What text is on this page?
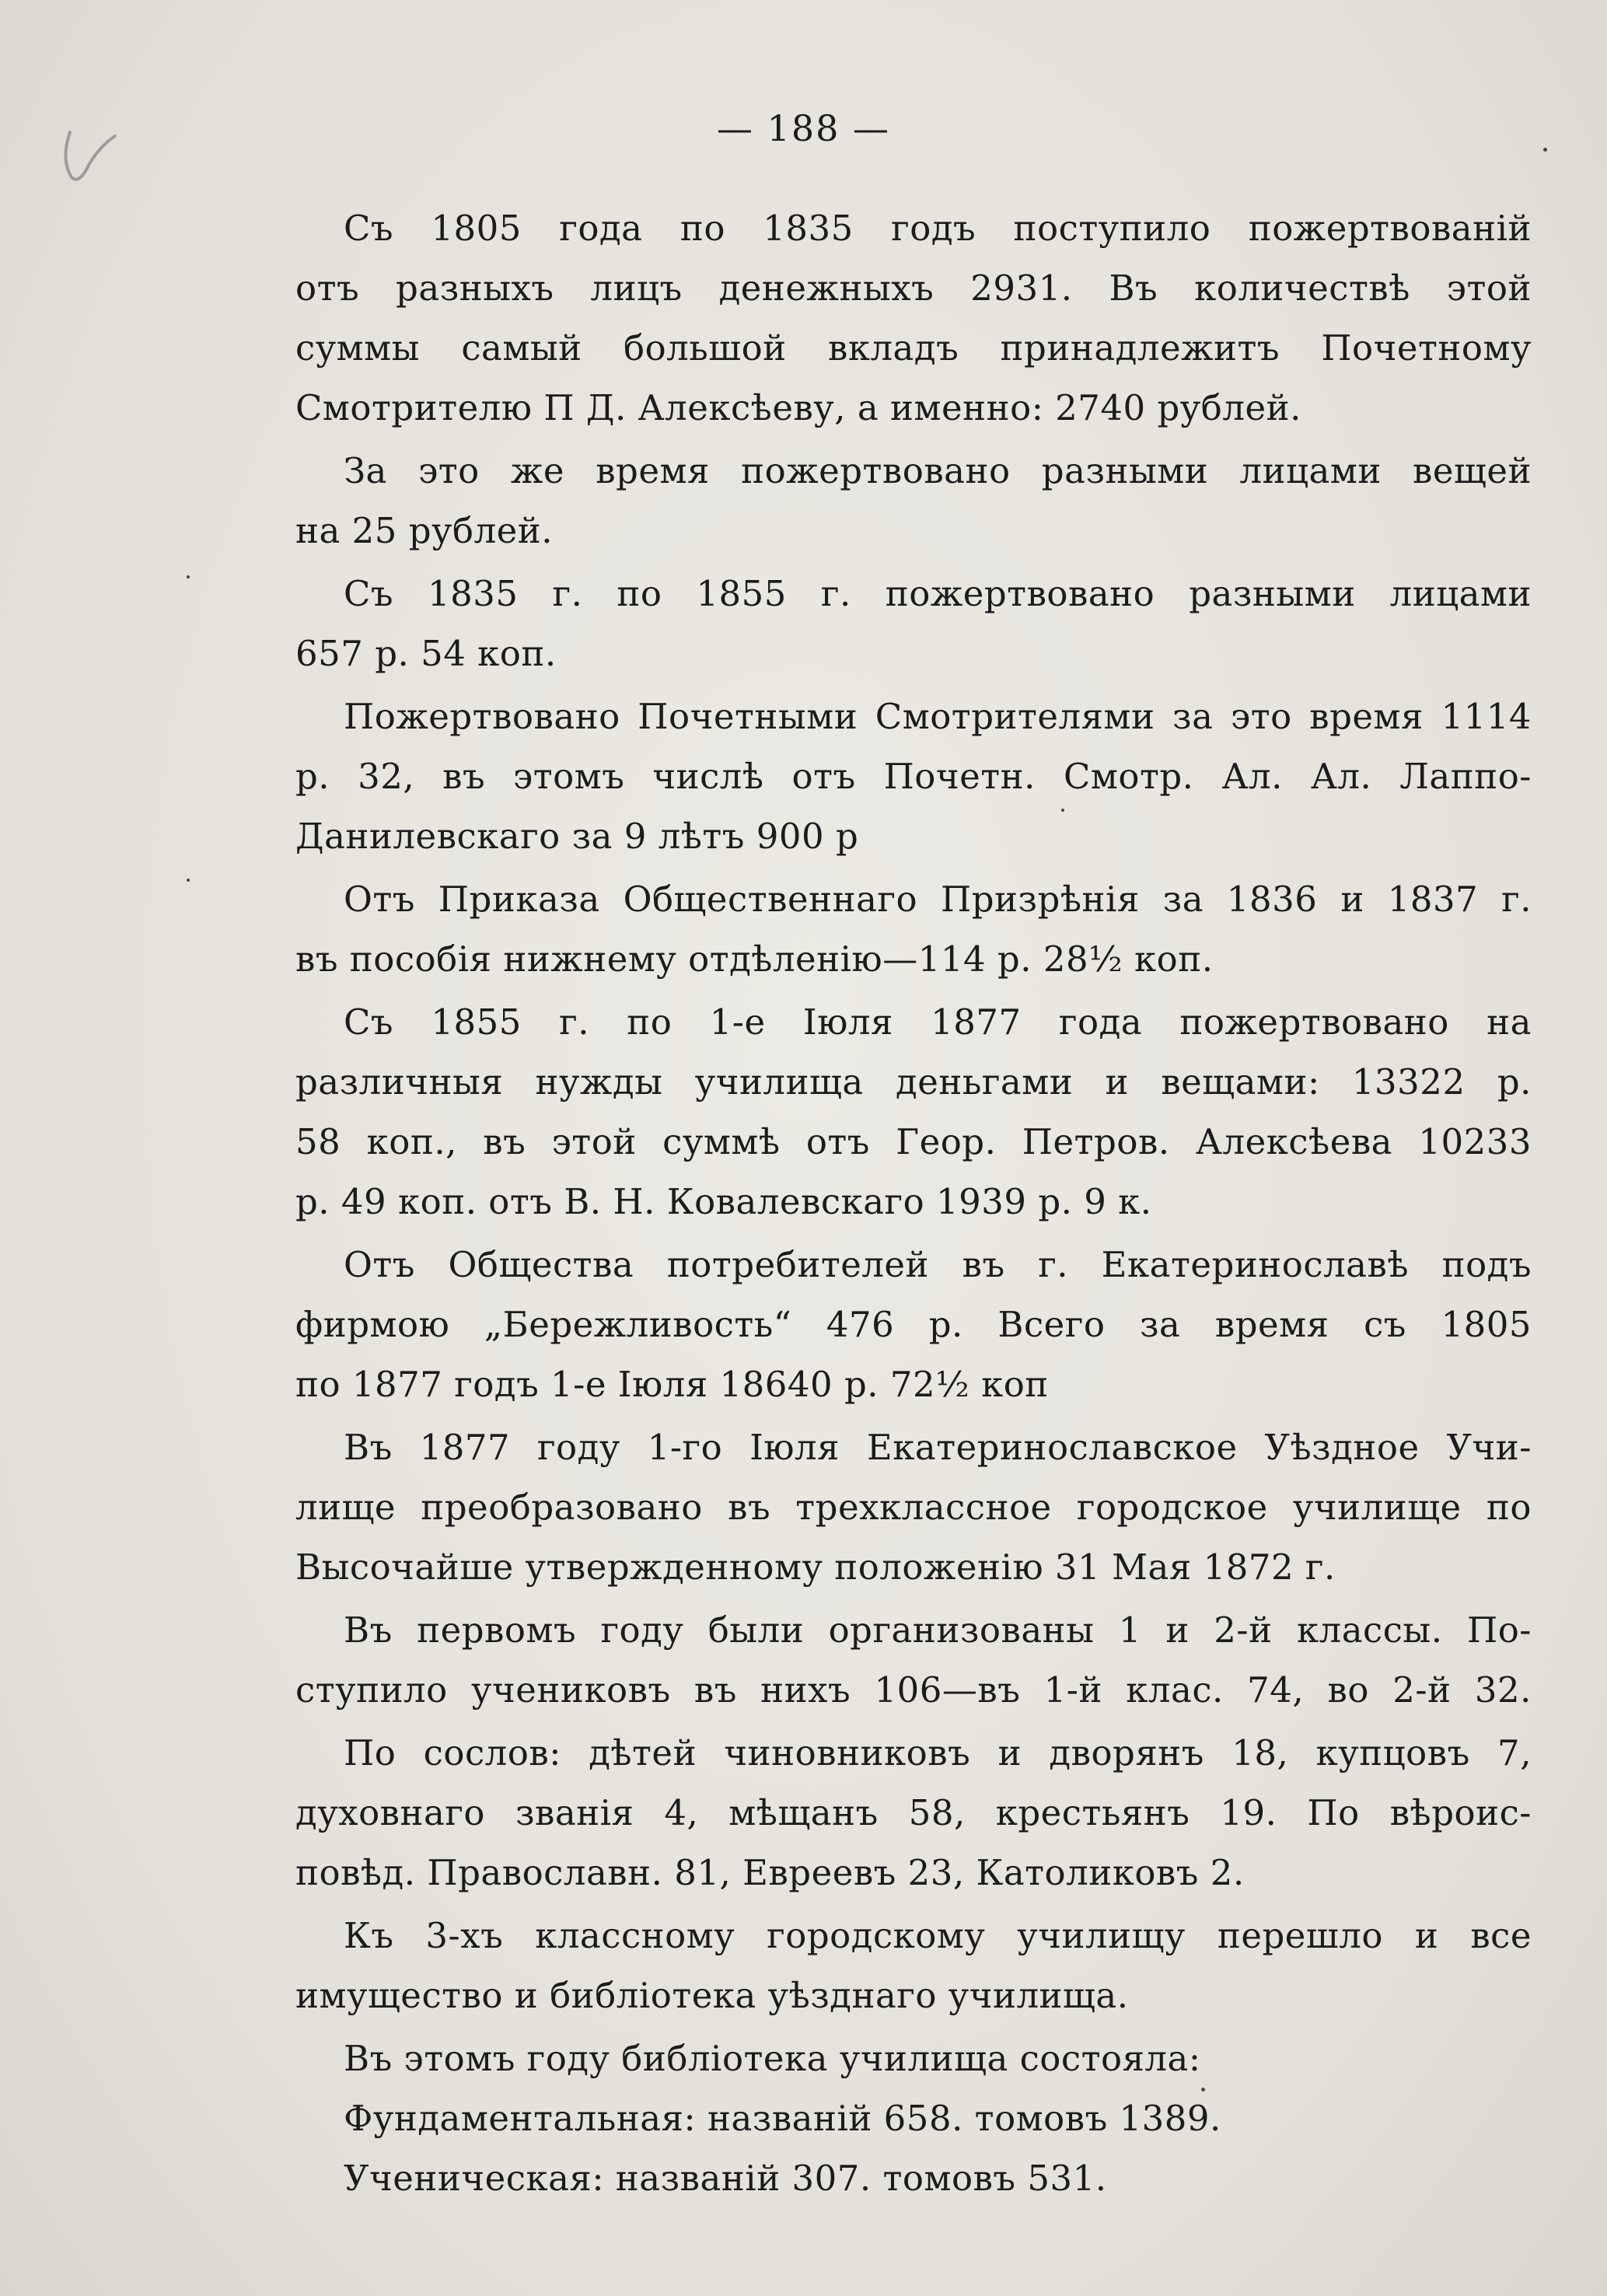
— 188 —
Съ 1805 года по 1835 годъ поступило пожертвованій
отъ разныхъ лицъ денежныхъ 2931. Въ количествѣ этой
суммы самый большой вкладъ принадлежитъ Почетному
Смотрителю П Д. Алексѣеву, а именно: 2740 рублей.
За это же время пожертвовано разными лицами вещей
на 25 рублей.
Съ 1835 г. по 1855 г. пожертвовано разными лицами
657 р. 54 коп.
Пожертвовано Почетными Смотрителями за это время 1114
р. 32, въ этомъ числѣ отъ Почетн. Смотр. Ал. Ал. Лаппо-
Данилевскаго за 9 лѣтъ 900 р
Отъ Приказа Общественнаго Призрѣнія за 1836 и 1837 г.
въ пособія нижнему отдѣленію—114 р. 28½ коп.
Съ 1855 г. по 1-е Іюля 1877 года пожертвовано на
различныя нужды училища деньгами и вещами: 13322 р.
58 коп., въ этой суммѣ отъ Геор. Петров. Алексѣева 10233
р. 49 коп. отъ В. Н. Ковалевскаго 1939 р. 9 к.
Отъ Общества потребителей въ г. Екатеринославѣ подъ
фирмою „Бережливость“ 476 р. Всего за время съ 1805
по 1877 годъ 1-е Іюля 18640 р. 72½ коп
Въ 1877 году 1-го Іюля Екатеринославское Уѣздное Учи-
лище преобразовано въ трехклассное городское училище по
Высочайше утвержденному положенію 31 Мая 1872 г.
Въ первомъ году были организованы 1 и 2-й классы. По-
ступило учениковъ въ нихъ 106—въ 1-й клас. 74, во 2-й 32.
По сослов: дѣтей чиновниковъ и дворянъ 18, купцовъ 7,
духовнаго званія 4, мѣщанъ 58, крестьянъ 19. По вѣроис-
повѣд. Православн. 81, Евреевъ 23, Католиковъ 2.
Къ 3-хъ классному городскому училищу перешло и все
имущество и библіотека уѣзднаго училища.
Въ этомъ году библіотека училища состояла:
Фундаментальная: названій 658. томовъ 1389.
Ученическая: названій 307. томовъ 531.
